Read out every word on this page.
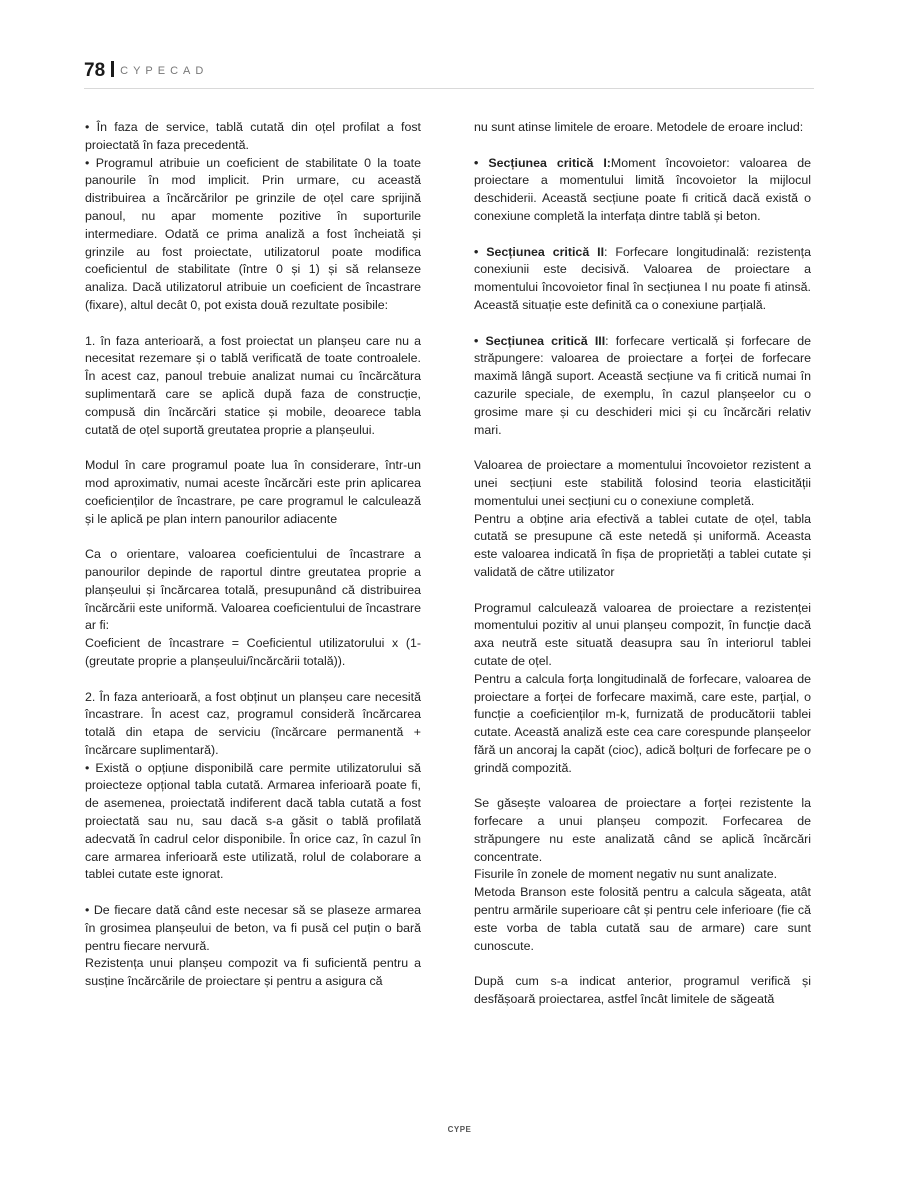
78 CYPECAD

• În faza de service, tablă cutată din oțel profilat a fost proiectată în faza precedentă.

• Programul atribuie un coeficient de stabilitate 0 la toate panourile în mod implicit. Prin urmare, cu această distribuirea a încărcărilor pe grinzile de oțel care sprijină panoul, nu apar momente pozitive în suporturile intermediare. Odată ce prima analiză a fost încheiată și grinzile au fost proiectate, utilizatorul poate modifica coeficientul de stabilitate (între 0 și 1) și să relanseze analiza. Dacă utilizatorul atribuie un coeficient de încastrare (fixare), altul decât 0, pot exista două rezultate posibile:

1. în faza anterioară, a fost proiectat un planșeu care nu a necesitat rezemare și o tablă verificată de toate controalele. În acest caz, panoul trebuie analizat numai cu încărcătura suplimentară care se aplică după faza de construcție, compusă din încărcări statice și mobile, deoarece tabla cutată de oțel suportă greutatea proprie a planșeului.

Modul în care programul poate lua în considerare, într-un mod aproximativ, numai aceste încărcări este prin aplicarea coeficienților de încastrare, pe care programul le calculează și le aplică pe plan intern panourilor adiacente

Ca o orientare, valoarea coeficientului de încastrare a panourilor depinde de raportul dintre greutatea proprie a planșeului și încărcarea totală, presupunând că distribuirea încărcării este uniformă. Valoarea coeficientului de încastrare ar fi:

Coeficient de încastrare = Coeficientul utilizatorului x (1-(greutate proprie a planșeului/încărcării totală)).

2. În faza anterioară, a fost obținut un planșeu care necesită încastrare. În acest caz, programul consideră încărcarea totală din etapa de serviciu (încărcare permanentă + încărcare suplimentară).

• Există o opțiune disponibilă care permite utilizatorului să proiecteze opțional tabla cutată. Armarea inferioară poate fi, de asemenea, proiectată indiferent dacă tabla cutată a fost proiectată sau nu, sau dacă s-a găsit o tablă profilată adecvată în cadrul celor disponibile. În orice caz, în cazul în care armarea inferioară este utilizată, rolul de colaborare a tablei cutate este ignorat.

• De fiecare dată când este necesar să se plaseze armarea în grosimea planșeului de beton, va fi pusă cel puțin o bară pentru fiecare nervură.

Rezistența unui planșeu compozit va fi suficientă pentru a susține încărcările de proiectare și pentru a asigura că

nu sunt atinse limitele de eroare. Metodele de eroare includ:

• Secțiunea critică I:Moment încovoietor: valoarea de proiectare a momentului limită încovoietor la mijlocul deschiderii. Această secțiune poate fi critică dacă există o conexiune completă la interfața dintre tablă și beton.

• Secțiunea critică II: Forfecare longitudinală: rezistența conexiunii este decisivă. Valoarea de proiectare a momentului încovoietor final în secțiunea I nu poate fi atinsă. Această situație este definită ca o conexiune parțială.

• Secțiunea critică III: forfecare verticală și forfecare de străpungere: valoarea de proiectare a forței de forfecare maximă lângă suport. Această secțiune va fi critică numai în cazurile speciale, de exemplu, în cazul planșeelor cu o grosime mare și cu deschideri mici și cu încărcări relativ mari.

Valoarea de proiectare a momentului încovoietor rezistent a unei secțiuni este stabilită folosind teoria elasticității momentului unei secțiuni cu o conexiune completă.

Pentru a obține aria efectivă a tablei cutate de oțel, tabla cutată se presupune că este netedă și uniformă. Aceasta este valoarea indicată în fișa de proprietăți a tablei cutate și validată de către utilizator

Programul calculează valoarea de proiectare a rezistenței momentului pozitiv al unui planșeu compozit, în funcție dacă axa neutră este situată deasupra sau în interiorul tablei cutate de oțel.

Pentru a calcula forța longitudinală de forfecare, valoarea de proiectare a forței de forfecare maximă, care este, parțial, o funcție a coeficienților m-k, furnizată de producătorii tablei cutate. Această analiză este cea care corespunde planșeelor fără un ancoraj la capăt (cioc), adică bolțuri de forfecare pe o grindă compozită.

Se găsește valoarea de proiectare a forței rezistente la forfecare a unui planșeu compozit. Forfecarea de străpungere nu este analizată când se aplică încărcări concentrate.

Fisurile în zonele de moment negativ nu sunt analizate.

Metoda Branson este folosită pentru a calcula săgeata, atât pentru armările superioare cât și pentru cele inferioare (fie că este vorba de tabla cutată sau de armare) care sunt cunoscute.

După cum s-a indicat anterior, programul verifică și desfășoară proiectarea, astfel încât limitele de săgeată

CYPE
